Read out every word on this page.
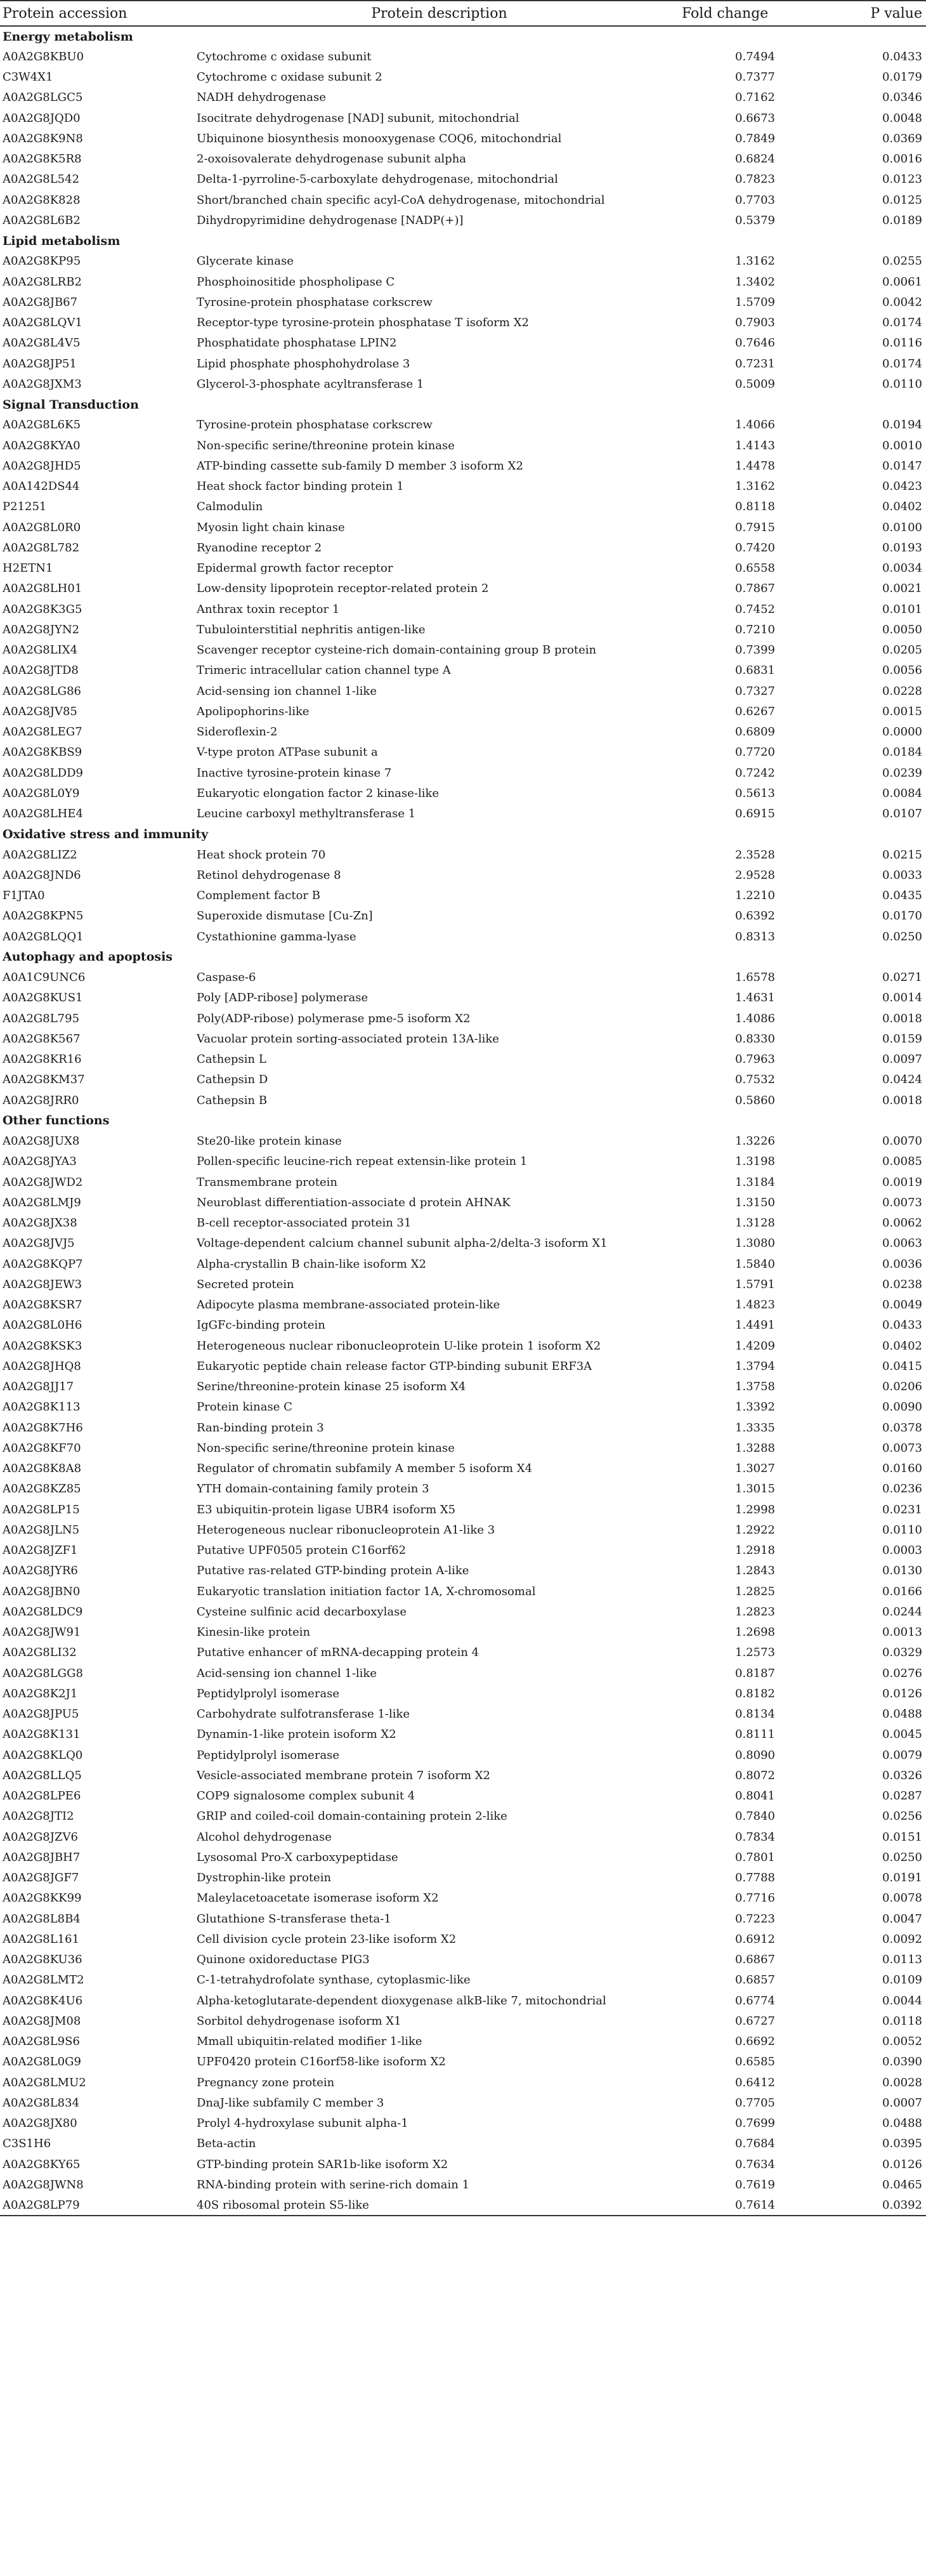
Protein accession	Protein description	Fold change	P value
Energy metabolism			
A0A2G8KBU0	Cytochrome c oxidase subunit	0.7494	0.0433
C3W4X1	Cytochrome c oxidase subunit 2	0.7377	0.0179
A0A2G8LGC5	NADH dehydrogenase	0.7162	0.0346
A0A2G8JQD0	Isocitrate dehydrogenase [NAD] subunit, mitochondrial	0.6673	0.0048
A0A2G8K9N8	Ubiquinone biosynthesis monooxygenase COQ6, mitochondrial	0.7849	0.0369
A0A2G8K5R8	2-oxoisovalerate dehydrogenase subunit alpha	0.6824	0.0016
A0A2G8L542	Delta-1-pyrroline-5-carboxylate dehydrogenase, mitochondrial	0.7823	0.0123
A0A2G8K828	Short/branched chain specific acyl-CoA dehydrogenase, mitochondrial	0.7703	0.0125
A0A2G8L6B2	Dihydropyrimidine dehydrogenase [NADP(+)]	0.5379	0.0189
Lipid metabolism			
A0A2G8KP95	Glycerate kinase	1.3162	0.0255
A0A2G8LRB2	Phosphoinositide phospholipase C	1.3402	0.0061
A0A2G8JB67	Tyrosine-protein phosphatase corkscrew	1.5709	0.0042
A0A2G8LQV1	Receptor-type tyrosine-protein phosphatase T isoform X2	0.7903	0.0174
A0A2G8L4V5	Phosphatidate phosphatase LPIN2	0.7646	0.0116
A0A2G8JP51	Lipid phosphate phosphohydrolase 3	0.7231	0.0174
A0A2G8JXM3	Glycerol-3-phosphate acyltransferase 1	0.5009	0.0110
Signal Transduction			
A0A2G8L6K5	Tyrosine-protein phosphatase corkscrew	1.4066	0.0194
A0A2G8KYA0	Non-specific serine/threonine protein kinase	1.4143	0.0010
A0A2G8JHD5	ATP-binding cassette sub-family D member 3 isoform X2	1.4478	0.0147
A0A142DS44	Heat shock factor binding protein 1	1.3162	0.0423
P21251	Calmodulin	0.8118	0.0402
A0A2G8L0R0	Myosin light chain kinase	0.7915	0.0100
A0A2G8L782	Ryanodine receptor 2	0.7420	0.0193
H2ETN1	Epidermal growth factor receptor	0.6558	0.0034
A0A2G8LH01	Low-density lipoprotein receptor-related protein 2	0.7867	0.0021
A0A2G8K3G5	Anthrax toxin receptor 1	0.7452	0.0101
A0A2G8JYN2	Tubulointerstitial nephritis antigen-like	0.7210	0.0050
A0A2G8LIX4	Scavenger receptor cysteine-rich domain-containing group B protein	0.7399	0.0205
A0A2G8JTD8	Trimeric intracellular cation channel type A	0.6831	0.0056
A0A2G8LG86	Acid-sensing ion channel 1-like	0.7327	0.0228
A0A2G8JV85	Apolipophorins-like	0.6267	0.0015
A0A2G8LEG7	Sideroflexin-2	0.6809	0.0000
A0A2G8KBS9	V-type proton ATPase subunit a	0.7720	0.0184
A0A2G8LDD9	Inactive tyrosine-protein kinase 7	0.7242	0.0239
A0A2G8L0Y9	Eukaryotic elongation factor 2 kinase-like	0.5613	0.0084
A0A2G8LHE4	Leucine carboxyl methyltransferase 1	0.6915	0.0107
Oxidative stress and immunity			
A0A2G8LIZ2	Heat shock protein 70	2.3528	0.0215
A0A2G8JND6	Retinol dehydrogenase 8	2.9528	0.0033
F1JTA0	Complement factor B	1.2210	0.0435
A0A2G8KPN5	Superoxide dismutase [Cu-Zn]	0.6392	0.0170
A0A2G8LQQ1	Cystathionine gamma-lyase	0.8313	0.0250
Autophagy and apoptosis			
A0A1C9UNC6	Caspase-6	1.6578	0.0271
A0A2G8KUS1	Poly [ADP-ribose] polymerase	1.4631	0.0014
A0A2G8L795	Poly(ADP-ribose) polymerase pme-5 isoform X2	1.4086	0.0018
A0A2G8K567	Vacuolar protein sorting-associated protein 13A-like	0.8330	0.0159
A0A2G8KR16	Cathepsin L	0.7963	0.0097
A0A2G8KM37	Cathepsin D	0.7532	0.0424
A0A2G8JRR0	Cathepsin B	0.5860	0.0018
Other functions			
A0A2G8JUX8	Ste20-like protein kinase	1.3226	0.0070
A0A2G8JYA3	Pollen-specific leucine-rich repeat extensin-like protein 1	1.3198	0.0085
A0A2G8JWD2	Transmembrane protein	1.3184	0.0019
A0A2G8LMJ9	Neuroblast differentiation-associate d protein AHNAK	1.3150	0.0073
A0A2G8JX38	B-cell receptor-associated protein 31	1.3128	0.0062
A0A2G8JVJ5	Voltage-dependent calcium channel subunit alpha-2/delta-3 isoform X1	1.3080	0.0063
A0A2G8KQP7	Alpha-crystallin B chain-like isoform X2	1.5840	0.0036
A0A2G8JEW3	Secreted protein	1.5791	0.0238
A0A2G8KSR7	Adipocyte plasma membrane-associated protein-like	1.4823	0.0049
A0A2G8L0H6	IgGFc-binding protein	1.4491	0.0433
A0A2G8KSK3	Heterogeneous nuclear ribonucleoprotein U-like protein 1 isoform X2	1.4209	0.0402
A0A2G8JHQ8	Eukaryotic peptide chain release factor GTP-binding subunit ERF3A	1.3794	0.0415
A0A2G8JJ17	Serine/threonine-protein kinase 25 isoform X4	1.3758	0.0206
A0A2G8K113	Protein kinase C	1.3392	0.0090
A0A2G8K7H6	Ran-binding protein 3	1.3335	0.0378
A0A2G8KF70	Non-specific serine/threonine protein kinase	1.3288	0.0073
A0A2G8K8A8	Regulator of chromatin subfamily A member 5 isoform X4	1.3027	0.0160
A0A2G8KZ85	YTH domain-containing family protein 3	1.3015	0.0236
A0A2G8LP15	E3 ubiquitin-protein ligase UBR4 isoform X5	1.2998	0.0231
A0A2G8JLN5	Heterogeneous nuclear ribonucleoprotein A1-like 3	1.2922	0.0110
A0A2G8JZF1	Putative UPF0505 protein C16orf62	1.2918	0.0003
A0A2G8JYR6	Putative ras-related GTP-binding protein A-like	1.2843	0.0130
A0A2G8JBN0	Eukaryotic translation initiation factor 1A, X-chromosomal	1.2825	0.0166
A0A2G8LDC9	Cysteine sulfinic acid decarboxylase	1.2823	0.0244
A0A2G8JW91	Kinesin-like protein	1.2698	0.0013
A0A2G8LI32	Putative enhancer of mRNA-decapping protein 4	1.2573	0.0329
A0A2G8LGG8	Acid-sensing ion channel 1-like	0.8187	0.0276
A0A2G8K2J1	Peptidylprolyl isomerase	0.8182	0.0126
A0A2G8JPU5	Carbohydrate sulfotransferase 1-like	0.8134	0.0488
A0A2G8K131	Dynamin-1-like protein isoform X2	0.8111	0.0045
A0A2G8KLQ0	Peptidylprolyl isomerase	0.8090	0.0079
A0A2G8LLQ5	Vesicle-associated membrane protein 7 isoform X2	0.8072	0.0326
A0A2G8LPE6	COP9 signalosome complex subunit 4	0.8041	0.0287
A0A2G8JTI2	GRIP and coiled-coil domain-containing protein 2-like	0.7840	0.0256
A0A2G8JZV6	Alcohol dehydrogenase	0.7834	0.0151
A0A2G8JBH7	Lysosomal Pro-X carboxypeptidase	0.7801	0.0250
A0A2G8JGF7	Dystrophin-like protein	0.7788	0.0191
A0A2G8KK99	Maleylacetoacetate isomerase isoform X2	0.7716	0.0078
A0A2G8L8B4	Glutathione S-transferase theta-1	0.7223	0.0047
A0A2G8L161	Cell division cycle protein 23-like isoform X2	0.6912	0.0092
A0A2G8KU36	Quinone oxidoreductase PIG3	0.6867	0.0113
A0A2G8LMT2	C-1-tetrahydrofolate synthase, cytoplasmic-like	0.6857	0.0109
A0A2G8K4U6	Alpha-ketoglutarate-dependent dioxygenase alkB-like 7, mitochondrial	0.6774	0.0044
A0A2G8JM08	Sorbitol dehydrogenase isoform X1	0.6727	0.0118
A0A2G8L9S6	Mmall ubiquitin-related modifier 1-like	0.6692	0.0052
A0A2G8L0G9	UPF0420 protein C16orf58-like isoform X2	0.6585	0.0390
A0A2G8LMU2	Pregnancy zone protein	0.6412	0.0028
A0A2G8L834	DnaJ-like subfamily C member 3	0.7705	0.0007
A0A2G8JX80	Prolyl 4-hydroxylase subunit alpha-1	0.7699	0.0488
C3S1H6	Beta-actin	0.7684	0.0395
A0A2G8KY65	GTP-binding protein SAR1b-like isoform X2	0.7634	0.0126
A0A2G8JWN8	RNA-binding protein with serine-rich domain 1	0.7619	0.0465
A0A2G8LP79	40S ribosomal protein S5-like	0.7614	0.0392
